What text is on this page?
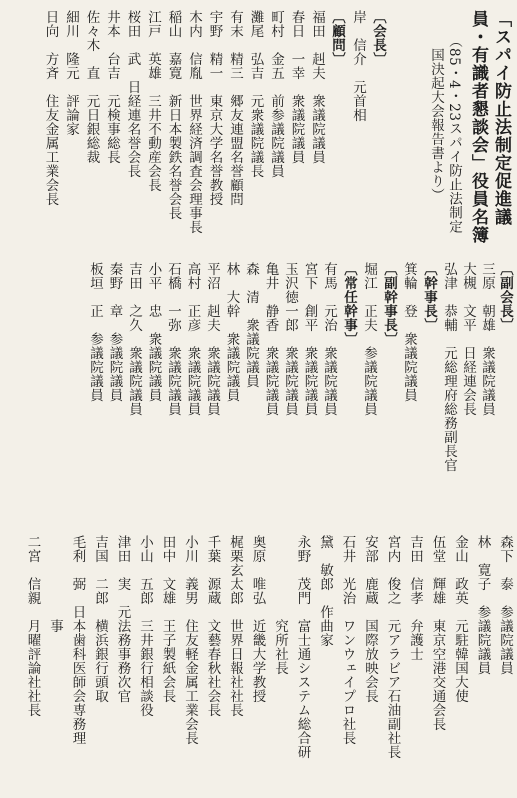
「スパイ防止法制定促進議
員・有識者懇談会」役員名簿
（85・4・23スパイ防止法制定
国決起大会報告書より）
〔会長〕
岸　信介　元首相
〔顧問〕
福田　赳夫　衆議院議員
春日　一幸　衆議院議員
町村　金五　前参議院議員
灘尾　弘吉　元衆議院議長
有末　精三　郷友連盟名誉顧問
宇野　精一　東京大学名誉教授
木内　信胤　世界経済調査会理事長
稲山　嘉寛　新日本製鉄名誉会長
江戸　英雄　三井不動産会長
桜田　武　日経連名誉会長
井本　台吉　元検事総長
佐々木　直　元日銀総裁
細川　隆元　評論家
日向　方斉　住友金属工業会長
〔副会長〕
三原　朝雄　衆議院議員
大槻　文平　日経連会長
弘津　恭輔　元総理府総務副長官
〔幹事長〕
箕輪　登　衆議院議員
〔副幹事長〕
堀江　正夫　参議院議員
〔常任幹事〕
有馬　元治　衆議院議員
宮下　創平　衆議院議員
玉沢徳一郎　衆議院議員
亀井　静香　衆議院議員
森　清　衆議院議員
林　大幹　衆議院議員
平沼　赳夫　衆議院議員
高村　正彦　衆議院議員
石橋　一弥　衆議院議員
小平　忠　衆議院議員
吉田　之久　衆議院議員
秦野　章　参議院議員
板垣　正　参議院議員
森下　泰　参議院議員
林　寛子　参議院議員
金山　政英　元駐韓国大使
伍堂　輝雄　東京空港交通会長
吉田　信孝　弁護士
宮内　俊之　元アラビア石油副社長
安部　鹿蔵　国際放映会長
石井　光治　ワンウェイプロ社長
黛　敏郎　作曲家
永野　茂門　富士通システム総合研
　　　　　　究所社長
奥原　唯弘　近畿大学教授
梶栗玄太郎　世界日報社社長
千葉　源蔵　文藝春秋社会長
小川　義男　住友軽金属工業会長
田中　文雄　王子製紙会長
小山　五郎　三井銀行相談役
津田　実　元法務事務次官
吉国　二郎　横浜銀行頭取
毛利　弼　日本歯科医師会専務理
　　　　　　事
二宮　信親　月曜評論社社長
